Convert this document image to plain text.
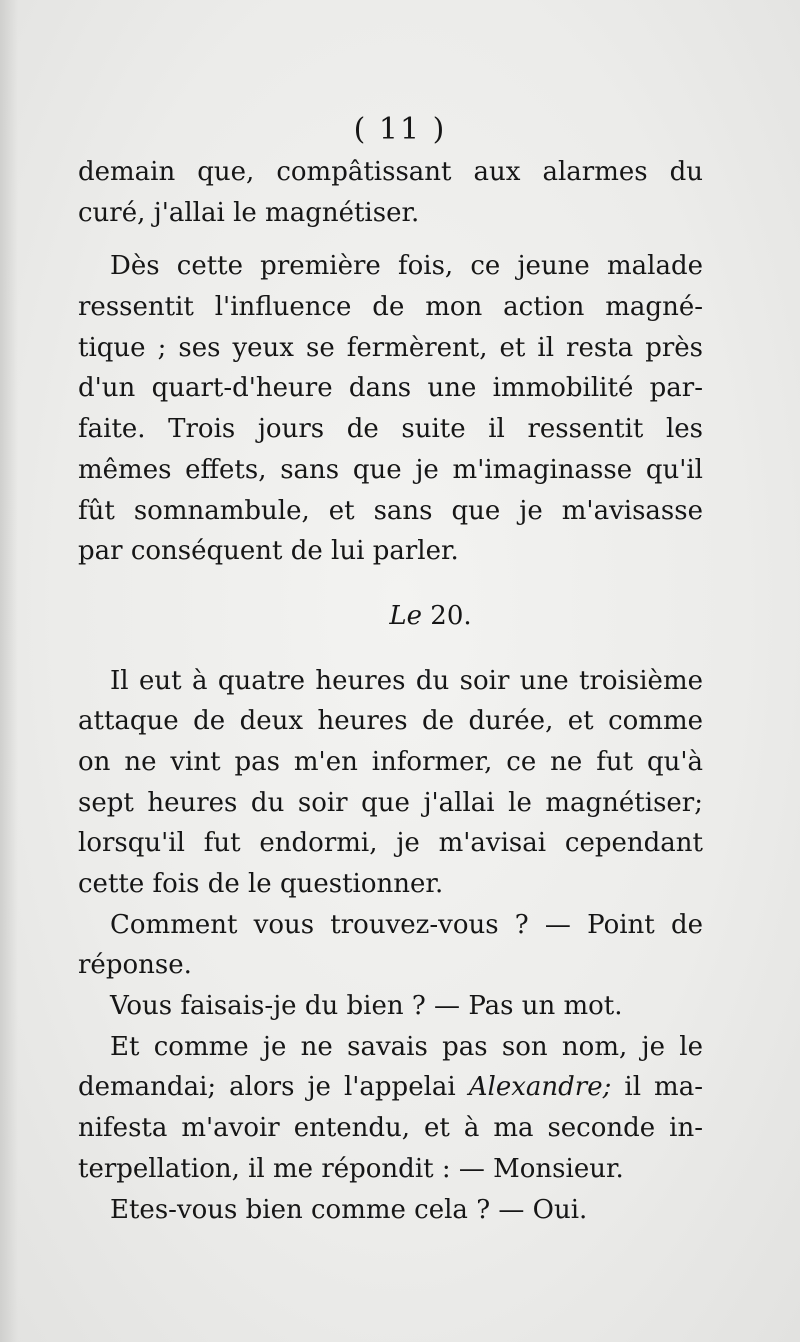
( 11 )
demain que, compâtissant aux alarmes du
curé, j'allai le magnétiser.
Dès cette première fois, ce jeune malade
ressentit l'influence de mon action magné-
tique ; ses yeux se fermèrent, et il resta près
d'un quart-d'heure dans une immobilité par-
faite. Trois jours de suite il ressentit les
mêmes effets, sans que je m'imaginasse qu'il
fût somnambule, et sans que je m'avisasse
par conséquent de lui parler.
Le 20.
Il eut à quatre heures du soir une troisième
attaque de deux heures de durée, et comme
on ne vint pas m'en informer, ce ne fut qu'à
sept heures du soir que j'allai le magnétiser;
lorsqu'il fut endormi, je m'avisai cependant
cette fois de le questionner.
Comment vous trouvez-vous ? — Point de
réponse.
Vous faisais-je du bien ? — Pas un mot.
Et comme je ne savais pas son nom, je le
demandai; alors je l'appelai Alexandre; il ma-
nifesta m'avoir entendu, et à ma seconde in-
terpellation, il me répondit : — Monsieur.
Etes-vous bien comme cela ? — Oui.
